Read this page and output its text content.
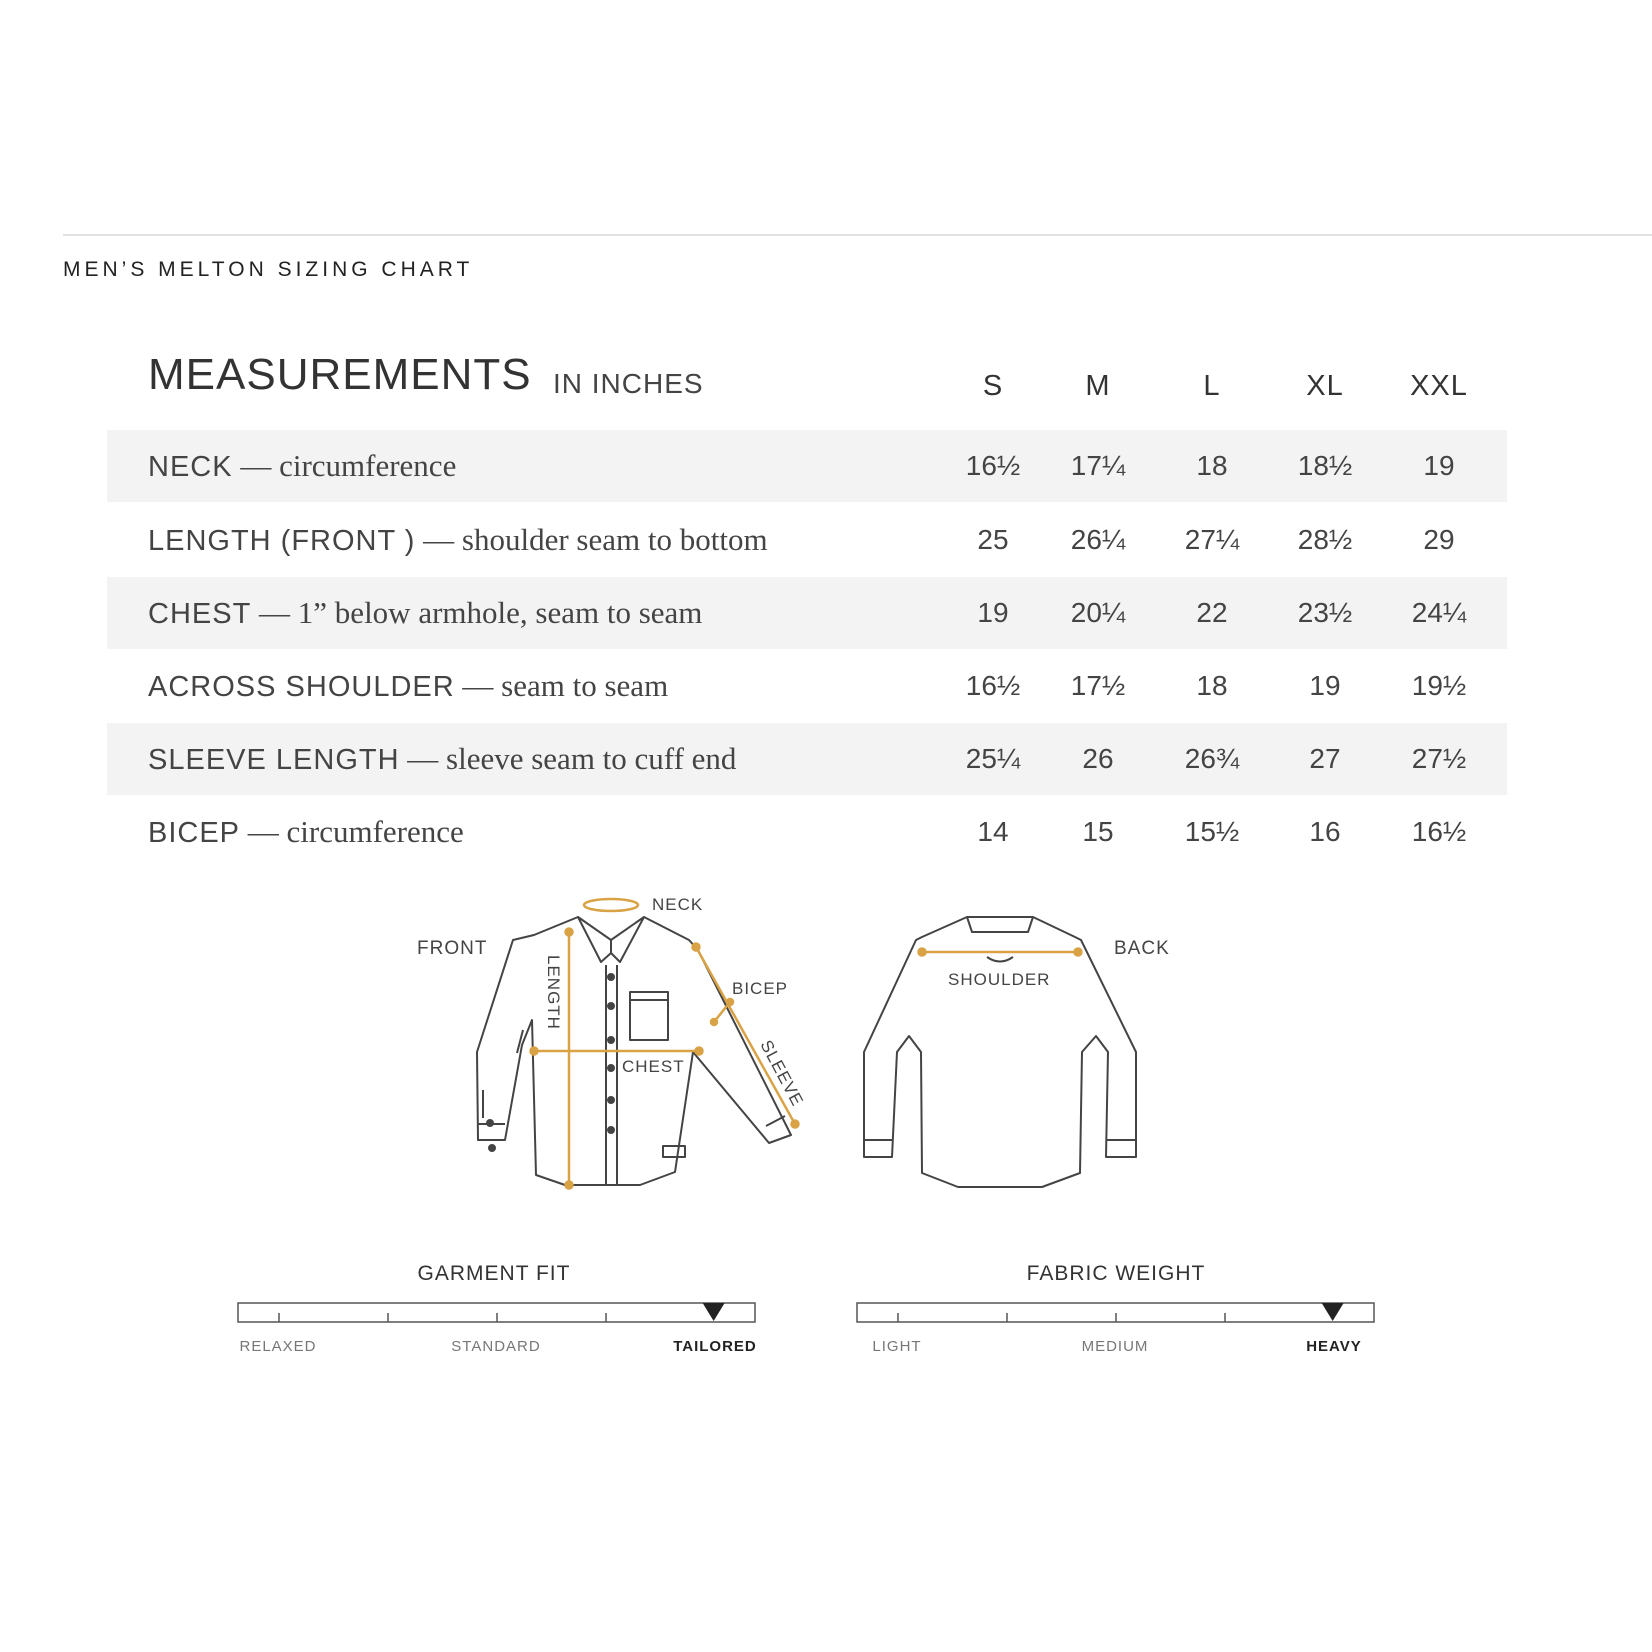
MEN’S MELTON SIZING CHART
MEASUREMENTS IN INCHES	S	M	L	XL	XXL
NECK — circumference	16½	17¼	18	18½	19
LENGTH (FRONT ) — shoulder seam to bottom	25	26¼	27¼	28½	29
CHEST — 1” below armhole, seam to seam	19	20¼	22	23½	24¼
ACROSS SHOULDER — seam to seam	16½	17½	18	19	19½
SLEEVE LENGTH — sleeve seam to cuff end	25¼	26	26¾	27	27½
BICEP — circumference	14	15	15½	16	16½
FRONT	BACK
NECK
BICEP
CHEST
SHOULDER
LENGTH
SLEEVE
GARMENT FIT
RELAXED	STANDARD	TAILORED
FABRIC WEIGHT
LIGHT	MEDIUM	HEAVY
